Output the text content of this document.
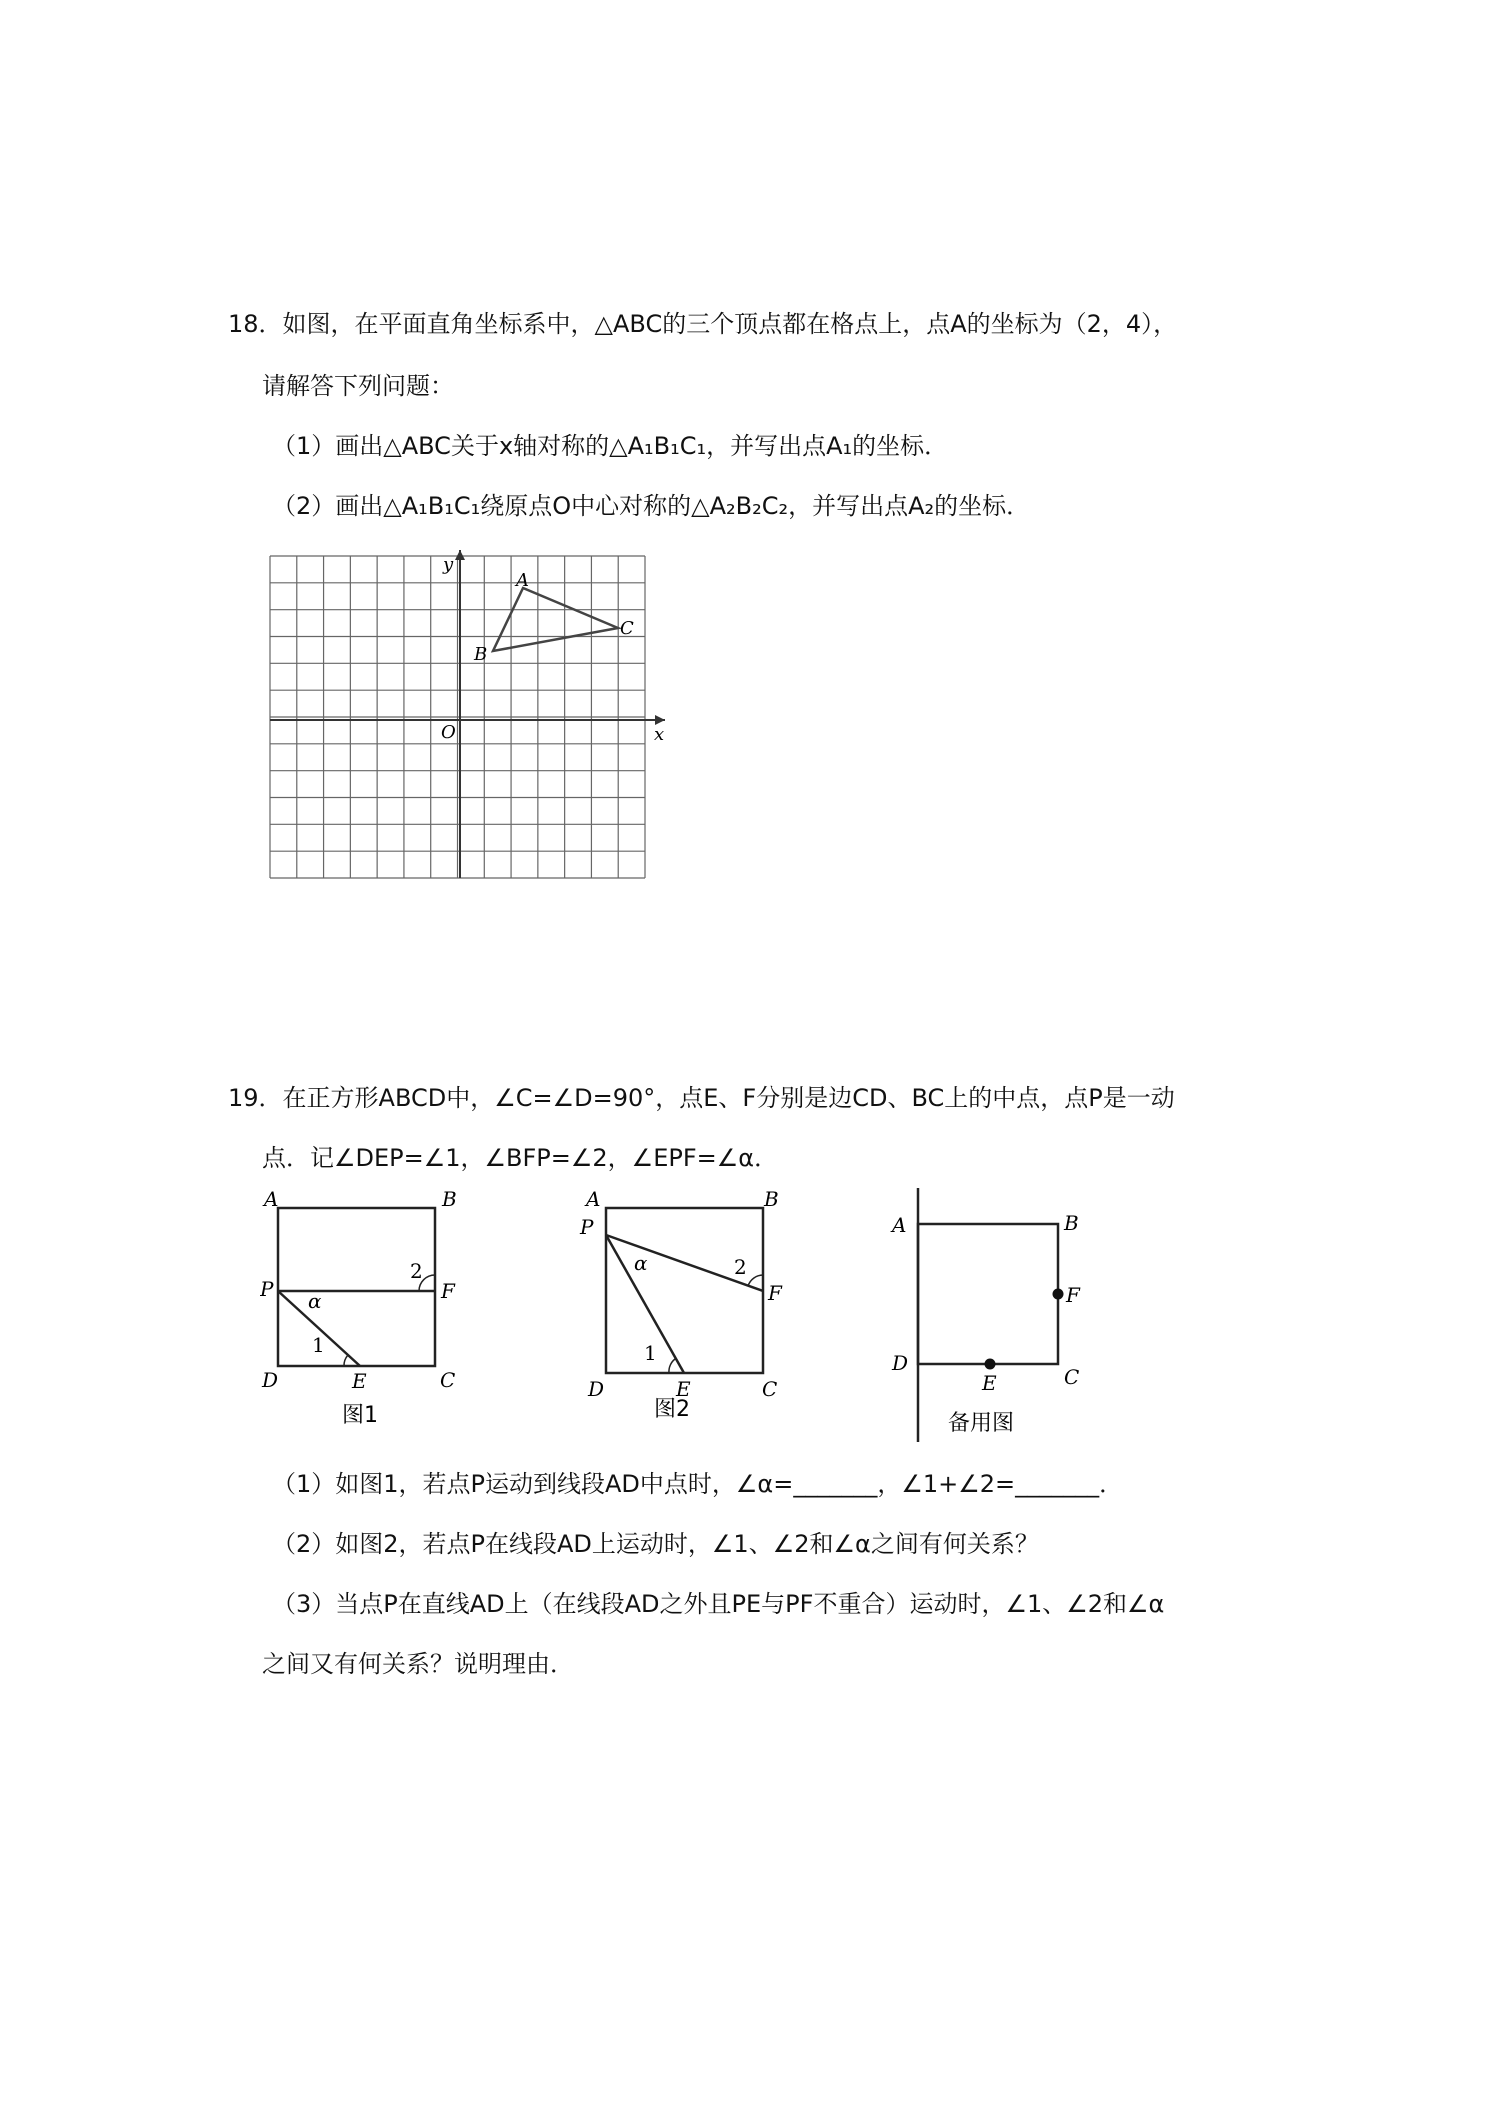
18．如图，在平面直角坐标系中，△ABC的三个顶点都在格点上，点A的坐标为（2，4），
请解答下列问题：
（1）画出△ABC关于x轴对称的△A₁B₁C₁，并写出点A₁的坐标．
（2）画出△A₁B₁C₁绕原点O中心对称的△A₂B₂C₂，并写出点A₂的坐标．
y
x
O
A
B
C
19．在正方形ABCD中，∠C=∠D=90°，点E、F分别是边CD、BC上的中点，点P是一动
点．记∠DEP=∠1，∠BFP=∠2，∠EPF=∠α．
A	B
P	F
D	E	C
α
1
2
图1
A	B
P
F
D	E	C
α
1
2
图2
A	B
F
D
E	C
备用图
（1）如图1，若点P运动到线段AD中点时，∠α=_______，∠1+∠2=_______．
（2）如图2，若点P在线段AD上运动时，∠1、∠2和∠α之间有何关系？
（3）当点P在直线AD上（在线段AD之外且PE与PF不重合）运动时，∠1、∠2和∠α
之间又有何关系？说明理由．
